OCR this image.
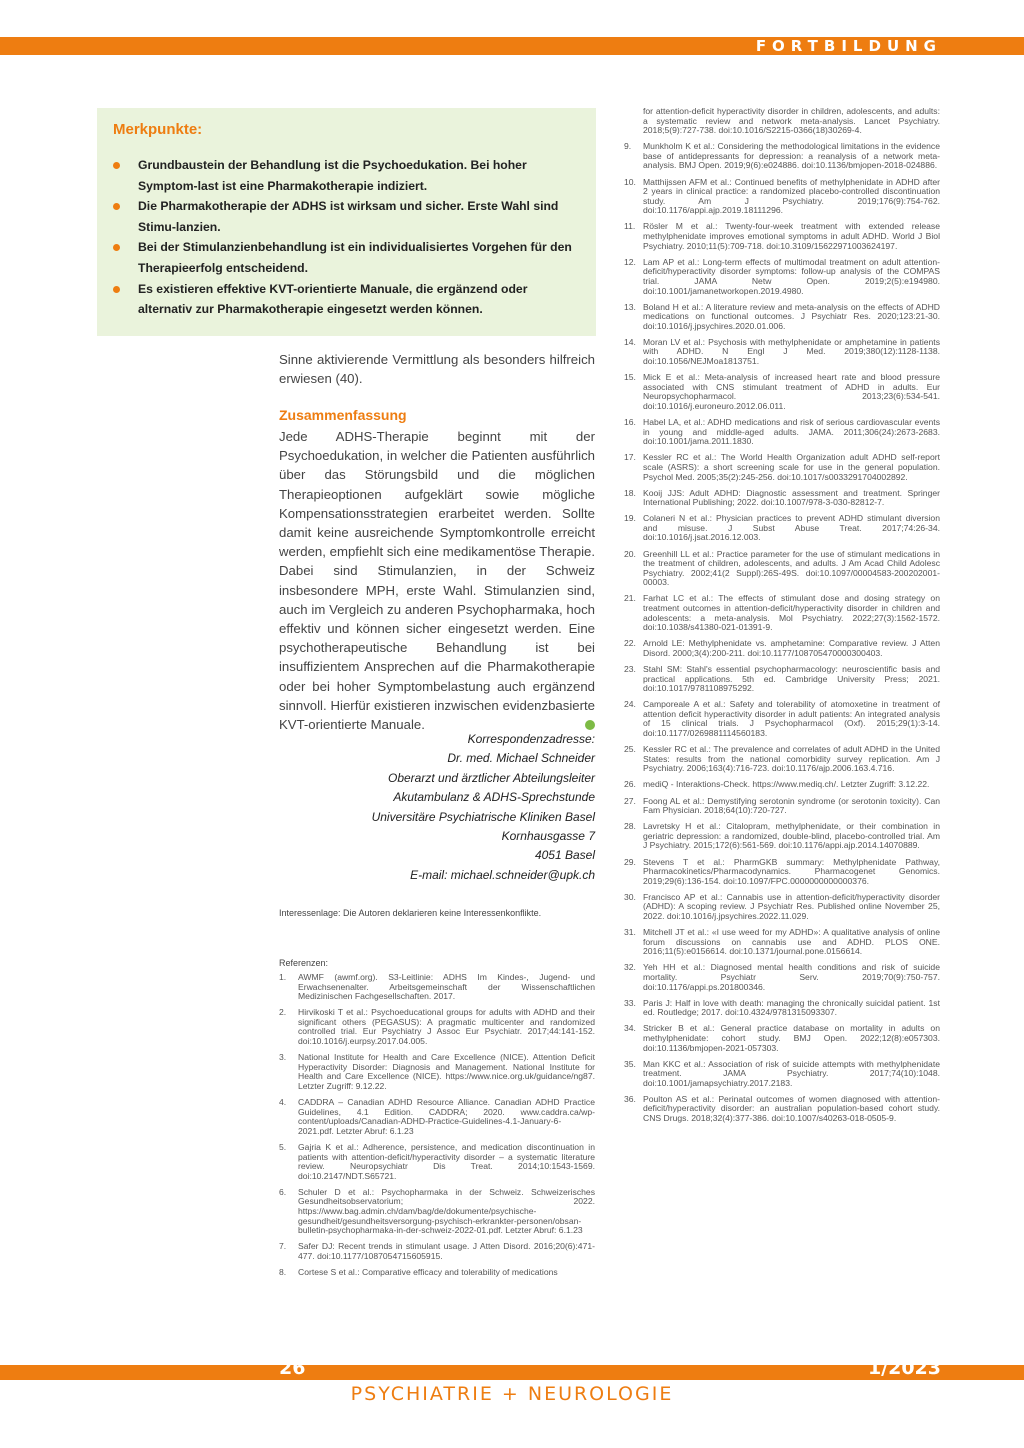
FORTBILDUNG
Merkpunkte:
Grundbaustein der Behandlung ist die Psychoedukation. Bei hoher Symptom-last ist eine Pharmakotherapie indiziert.
Die Pharmakotherapie der ADHS ist wirksam und sicher. Erste Wahl sind Stimu-lanzien.
Bei der Stimulanzienbehandlung ist ein individualisiertes Vorgehen für den Therapieerfolg entscheidend.
Es existieren effektive KVT-orientierte Manuale, die ergänzend oder alternativ zur Pharmakotherapie eingesetzt werden können.

Sinne aktivierende Vermittlung als besonders hilfreich erwiesen (40).

Zusammenfassung
Jede ADHS-Therapie beginnt mit der Psychoedukation, in welcher die Patienten ausführlich über das Störungsbild und die möglichen Therapieoptionen aufgeklärt sowie mögliche Kompensationsstrategien erarbeitet werden. Sollte damit keine ausreichende Symptomkontrolle erreicht werden, empfiehlt sich eine medikamentöse Therapie. Dabei sind Stimulanzien, in der Schweiz insbesondere MPH, erste Wahl. Stimulanzien sind, auch im Vergleich zu anderen Psychopharmaka, hoch effektiv und können sicher eingesetzt werden. Eine psychotherapeutische Behandlung ist bei insuffizientem Ansprechen auf die Pharmakotherapie oder bei hoher Symptombelastung auch ergänzend sinnvoll. Hierfür existieren inzwischen evidenzbasierte KVT-orientierte Manuale.
Korrespondenzadresse:
Dr. med. Michael Schneider
Oberarzt und ärztlicher Abteilungsleiter
Akutambulanz & ADHS-Sprechstunde
Universitäre Psychiatrische Kliniken Basel
Kornhausgasse 7
4051 Basel
E-mail: michael.schneider@upk.ch
Interessenlage: Die Autoren deklarieren keine Interessenkonflikte.
Referenzen:
1. AWMF (awmf.org). S3-Leitlinie: ADHS Im Kindes-, Jugend- und Erwachsenenalter. Arbeitsgemeinschaft der Wissenschaftlichen Medizinischen Fachgesellschaften. 2017.
2. Hirvikoski T et al.: Psychoeducational groups for adults with ADHD and their significant others (PEGASUS): A pragmatic multicenter and randomized controlled trial. Eur Psychiatry J Assoc Eur Psychiatr. 2017;44:141-152. doi:10.1016/j.eurpsy.2017.04.005.
3. National Institute for Health and Care Excellence (NICE). Attention Deficit Hyperactivity Disorder: Diagnosis and Management. National Institute for Health and Care Excellence (NICE). https://www.nice.org.uk/guidance/ng87. Letzter Zugriff: 9.12.22.
4. CADDRA – Canadian ADHD Resource Alliance. Canadian ADHD Practice Guidelines, 4.1 Edition. CADDRA; 2020. www.caddra.ca/wp-content/uploads/Canadian-ADHD-Practice-Guidelines-4.1-January-6-2021.pdf. Letzter Abruf: 6.1.23
5. Gajria K et al.: Adherence, persistence, and medication discontinuation in patients with attention-deficit/hyperactivity disorder – a systematic literature review. Neuropsychiatr Dis Treat. 2014;10:1543-1569. doi:10.2147/NDT.S65721.
6. Schuler D et al.: Psychopharmaka in der Schweiz. Schweizerisches Gesundheitsobservatorium; 2022. https://www.bag.admin.ch/dam/bag/de/dokumente/psychische-gesundheit/gesundheitsversorgung-psychisch-erkrankter-personen/obsan-bulletin-psychopharmaka-in-der-schweiz-2022-01.pdf. Letzter Abruf: 6.1.23
7. Safer DJ: Recent trends in stimulant usage. J Atten Disord. 2016;20(6):471-477. doi:10.1177/1087054715605915.
8. Cortese S et al.: Comparative efficacy and tolerability of medications
for attention-deficit hyperactivity disorder in children, adolescents, and adults: a systematic review and network meta-analysis. Lancet Psychiatry. 2018;5(9):727-738. doi:10.1016/S2215-0366(18)30269-4.
9. Munkholm K et al.: Considering the methodological limitations in the evidence base of antidepressants for depression: a reanalysis of a network meta-analysis. BMJ Open. 2019;9(6):e024886. doi:10.1136/bmjopen-2018-024886.
10. Matthijssen AFM et al.: Continued benefits of methylphenidate in ADHD after 2 years in clinical practice: a randomized placebo-controlled discontinuation study. Am J Psychiatry. 2019;176(9):754-762. doi:10.1176/appi.ajp.2019.18111296.
11. Rösler M et al.: Twenty-four-week treatment with extended release methylphenidate improves emotional symptoms in adult ADHD. World J Biol Psychiatry. 2010;11(5):709-718. doi:10.3109/15622971003624197.
12. Lam AP et al.: Long-term effects of multimodal treatment on adult attention-deficit/hyperactivity disorder symptoms: follow-up analysis of the COMPAS trial. JAMA Netw Open. 2019;2(5):e194980. doi:10.1001/jamanetworkopen.2019.4980.
13. Boland H et al.: A literature review and meta-analysis on the effects of ADHD medications on functional outcomes. J Psychiatr Res. 2020;123:21-30. doi:10.1016/j.jpsychires.2020.01.006.
14. Moran LV et al.: Psychosis with methylphenidate or amphetamine in patients with ADHD. N Engl J Med. 2019;380(12):1128-1138. doi:10.1056/NEJMoa1813751.
15. Mick E et al.: Meta-analysis of increased heart rate and blood pressure associated with CNS stimulant treatment of ADHD in adults. Eur Neuropsychopharmacol. 2013;23(6):534-541. doi:10.1016/j.euroneuro.2012.06.011.
16. Habel LA, et al.: ADHD medications and risk of serious cardiovascular events in young and middle-aged adults. JAMA. 2011;306(24):2673-2683. doi:10.1001/jama.2011.1830.
17. Kessler RC et al.: The World Health Organization adult ADHD self-report scale (ASRS): a short screening scale for use in the general population. Psychol Med. 2005;35(2):245-256. doi:10.1017/s0033291704002892.
18. Kooij JJS: Adult ADHD: Diagnostic assessment and treatment. Springer International Publishing; 2022. doi:10.1007/978-3-030-82812-7.
19. Colaneri N et al.: Physician practices to prevent ADHD stimulant diversion and misuse. J Subst Abuse Treat. 2017;74:26-34. doi:10.1016/j.jsat.2016.12.003.
20. Greenhill LL et al.: Practice parameter for the use of stimulant medications in the treatment of children, adolescents, and adults. J Am Acad Child Adolesc Psychiatry. 2002;41(2 Suppl):26S-49S. doi:10.1097/00004583-200202001-00003.
21. Farhat LC et al.: The effects of stimulant dose and dosing strategy on treatment outcomes in attention-deficit/hyperactivity disorder in children and adolescents: a meta-analysis. Mol Psychiatry. 2022;27(3):1562-1572. doi:10.1038/s41380-021-01391-9.
22. Arnold LE: Methylphenidate vs. amphetamine: Comparative review. J Atten Disord. 2000;3(4):200-211. doi:10.1177/108705470000300403.
23. Stahl SM: Stahl's essential psychopharmacology: neuroscientific basis and practical applications. 5th ed. Cambridge University Press; 2021. doi:10.1017/9781108975292.
24. Camporeale A et al.: Safety and tolerability of atomoxetine in treatment of attention deficit hyperactivity disorder in adult patients: An integrated analysis of 15 clinical trials. J Psychopharmacol (Oxf). 2015;29(1):3-14. doi:10.1177/0269881114560183.
25. Kessler RC et al.: The prevalence and correlates of adult ADHD in the United States: results from the national comorbidity survey replication. Am J Psychiatry. 2006;163(4):716-723. doi:10.1176/ajp.2006.163.4.716.
26. mediQ - Interaktions-Check. https://www.mediq.ch/. Letzter Zugriff: 3.12.22.
27. Foong AL et al.: Demystifying serotonin syndrome (or serotonin toxicity). Can Fam Physician. 2018;64(10):720-727.
28. Lavretsky H et al.: Citalopram, methylphenidate, or their combination in geriatric depression: a randomized, double-blind, placebo-controlled trial. Am J Psychiatry. 2015;172(6):561-569. doi:10.1176/appi.ajp.2014.14070889.
29. Stevens T et al.: PharmGKB summary: Methylphenidate Pathway, Pharmacokinetics/Pharmacodynamics. Pharmacogenet Genomics. 2019;29(6):136-154. doi:10.1097/FPC.0000000000000376.
30. Francisco AP et al.: Cannabis use in attention-deficit/hyperactivity disorder (ADHD): A scoping review. J Psychiatr Res. Published online November 25, 2022. doi:10.1016/j.jpsychires.2022.11.029.
31. Mitchell JT et al.: «I use weed for my ADHD»: A qualitative analysis of online forum discussions on cannabis use and ADHD. PLOS ONE. 2016;11(5):e0156614. doi:10.1371/journal.pone.0156614.
32. Yeh HH et al.: Diagnosed mental health conditions and risk of suicide mortality. Psychiatr Serv. 2019;70(9):750-757. doi:10.1176/appi.ps.201800346.
33. Paris J: Half in love with death: managing the chronically suicidal patient. 1st ed. Routledge; 2017. doi:10.4324/9781315093307.
34. Stricker B et al.: General practice database on mortality in adults on methylphenidate: cohort study. BMJ Open. 2022;12(8):e057303. doi:10.1136/bmjopen-2021-057303.
35. Man KKC et al.: Association of risk of suicide attempts with methylphenidate treatment. JAMA Psychiatry. 2017;74(10):1048. doi:10.1001/jamapsychiatry.2017.2183.
36. Poulton AS et al.: Perinatal outcomes of women diagnosed with attention-deficit/hyperactivity disorder: an australian population-based cohort study. CNS Drugs. 2018;32(4):377-386. doi:10.1007/s40263-018-0505-9.
26	1/2023
PSYCHIATRIE + NEUROLOGIE
